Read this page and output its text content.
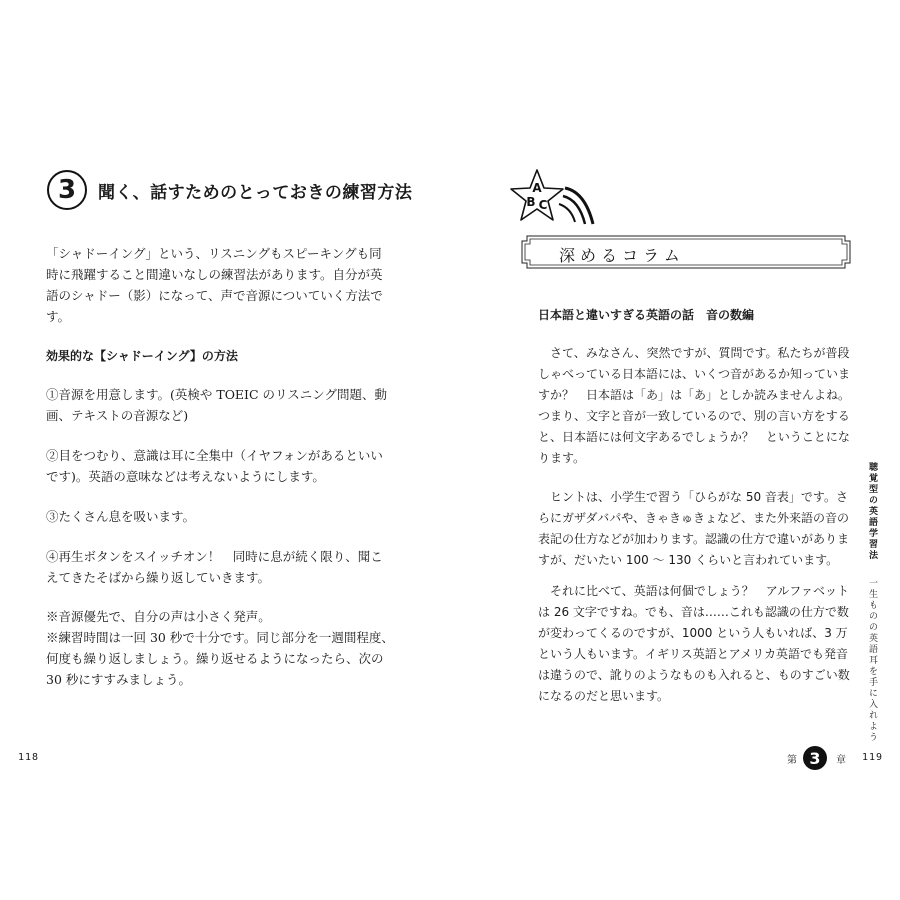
3 聞く、話すためのとっておきの練習方法
「シャドーイング」という、リスニングもスピーキングも同
時に飛躍すること間違いなしの練習法があります。自分が英
語のシャドー（影）になって、声で音源についていく方法で
す。
効果的な【シャドーイング】の方法
①音源を用意します。(英検や TOEIC のリスニング問題、動
画、テキストの音源など)
②目をつむり、意識は耳に全集中（イヤフォンがあるといい
です)。英語の意味などは考えないようにします。
③たくさん息を吸います。
④再生ボタンをスイッチオン！　同時に息が続く限り、聞こ
えてきたそばから繰り返していきます。
※音源優先で、自分の声は小さく発声。
※練習時間は一回 30 秒で十分です。同じ部分を一週間程度、
何度も繰り返しましょう。繰り返せるようになったら、次の
30 秒にすすみましょう。
118
A
B C
深めるコラム
日本語と違いすぎる英語の話　音の数編
　さて、みなさん、突然ですが、質問です。私たちが普段
しゃべっている日本語には、いくつ音があるか知っていま
すか？　日本語は「あ」は「あ」としか読みませんよね。
つまり、文字と音が一致しているので、別の言い方をする
と、日本語には何文字あるでしょうか？　ということにな
ります。
　ヒントは、小学生で習う「ひらがな 50 音表」です。さ
らにガザダバパや、きゃきゅきょなど、また外来語の音の
表記の仕方などが加わります。認識の仕方で違いがありま
すが、だいたい 100 〜 130 くらいと言われています。
　それに比べて、英語は何個でしょう？　アルファベット
は 26 文字ですね。でも、音は……これも認識の仕方で数
が変わってくるのですが、1000 という人もいれば、3 万
という人もいます。イギリス英語とアメリカ英語でも発音
は違うので、訛りのようなものも入れると、ものすごい数
になるのだと思います。
聴覚型の英語学習法
一生ものの英語耳を手に入れよう
第 3 章 119
